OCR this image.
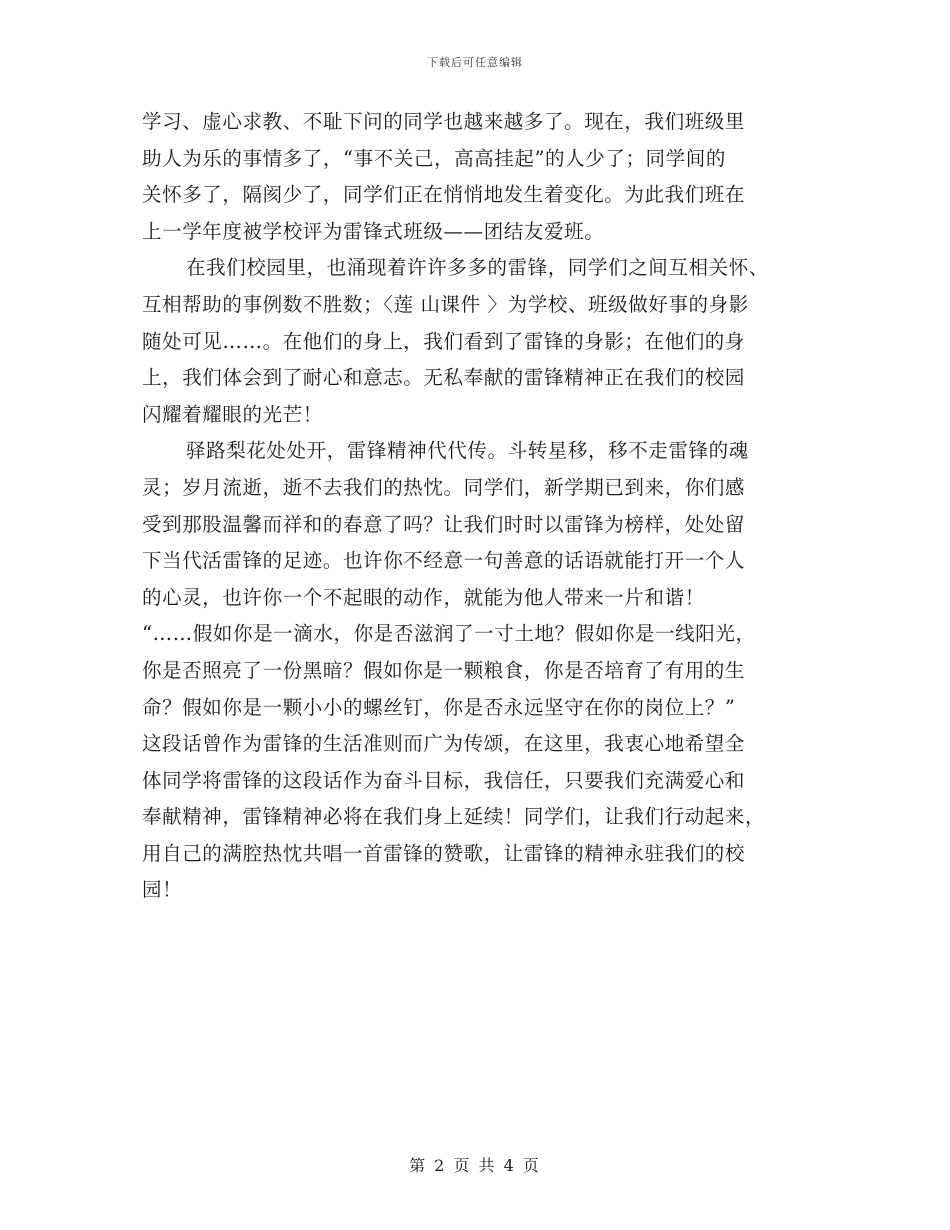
下载后可任意编辑
学习、虚心求教、不耻下问的同学也越来越多了。现在，我们班级里
助人为乐的事情多了，“事不关己，高高挂起”的人少了；同学间的
关怀多了，隔阂少了，同学们正在悄悄地发生着变化。为此我们班在
上一学年度被学校评为雷锋式班级——团结友爱班。
在我们校园里，也涌现着许许多多的雷锋，同学们之间互相关怀、
互相帮助的事例数不胜数；〈莲 山课件 〉为学校、班级做好事的身影
随处可见……。在他们的身上，我们看到了雷锋的身影；在他们的身
上，我们体会到了耐心和意志。无私奉献的雷锋精神正在我们的校园
闪耀着耀眼的光芒！
驿路梨花处处开，雷锋精神代代传。斗转星移，移不走雷锋的魂
灵；岁月流逝，逝不去我们的热忱。同学们，新学期已到来，你们感
受到那股温馨而祥和的春意了吗？让我们时时以雷锋为榜样，处处留
下当代活雷锋的足迹。也许你不经意一句善意的话语就能打开一个人
的心灵，也许你一个不起眼的动作，就能为他人带来一片和谐！
“……假如你是一滴水，你是否滋润了一寸土地？假如你是一线阳光，
你是否照亮了一份黑暗？假如你是一颗粮食，你是否培育了有用的生
命？假如你是一颗小小的螺丝钉，你是否永远坚守在你的岗位上？”
这段话曾作为雷锋的生活准则而广为传颂，在这里，我衷心地希望全
体同学将雷锋的这段话作为奋斗目标，我信任，只要我们充满爱心和
奉献精神，雷锋精神必将在我们身上延续！同学们，让我们行动起来，
用自己的满腔热忱共唱一首雷锋的赞歌，让雷锋的精神永驻我们的校
园！
第 2 页 共 4 页
